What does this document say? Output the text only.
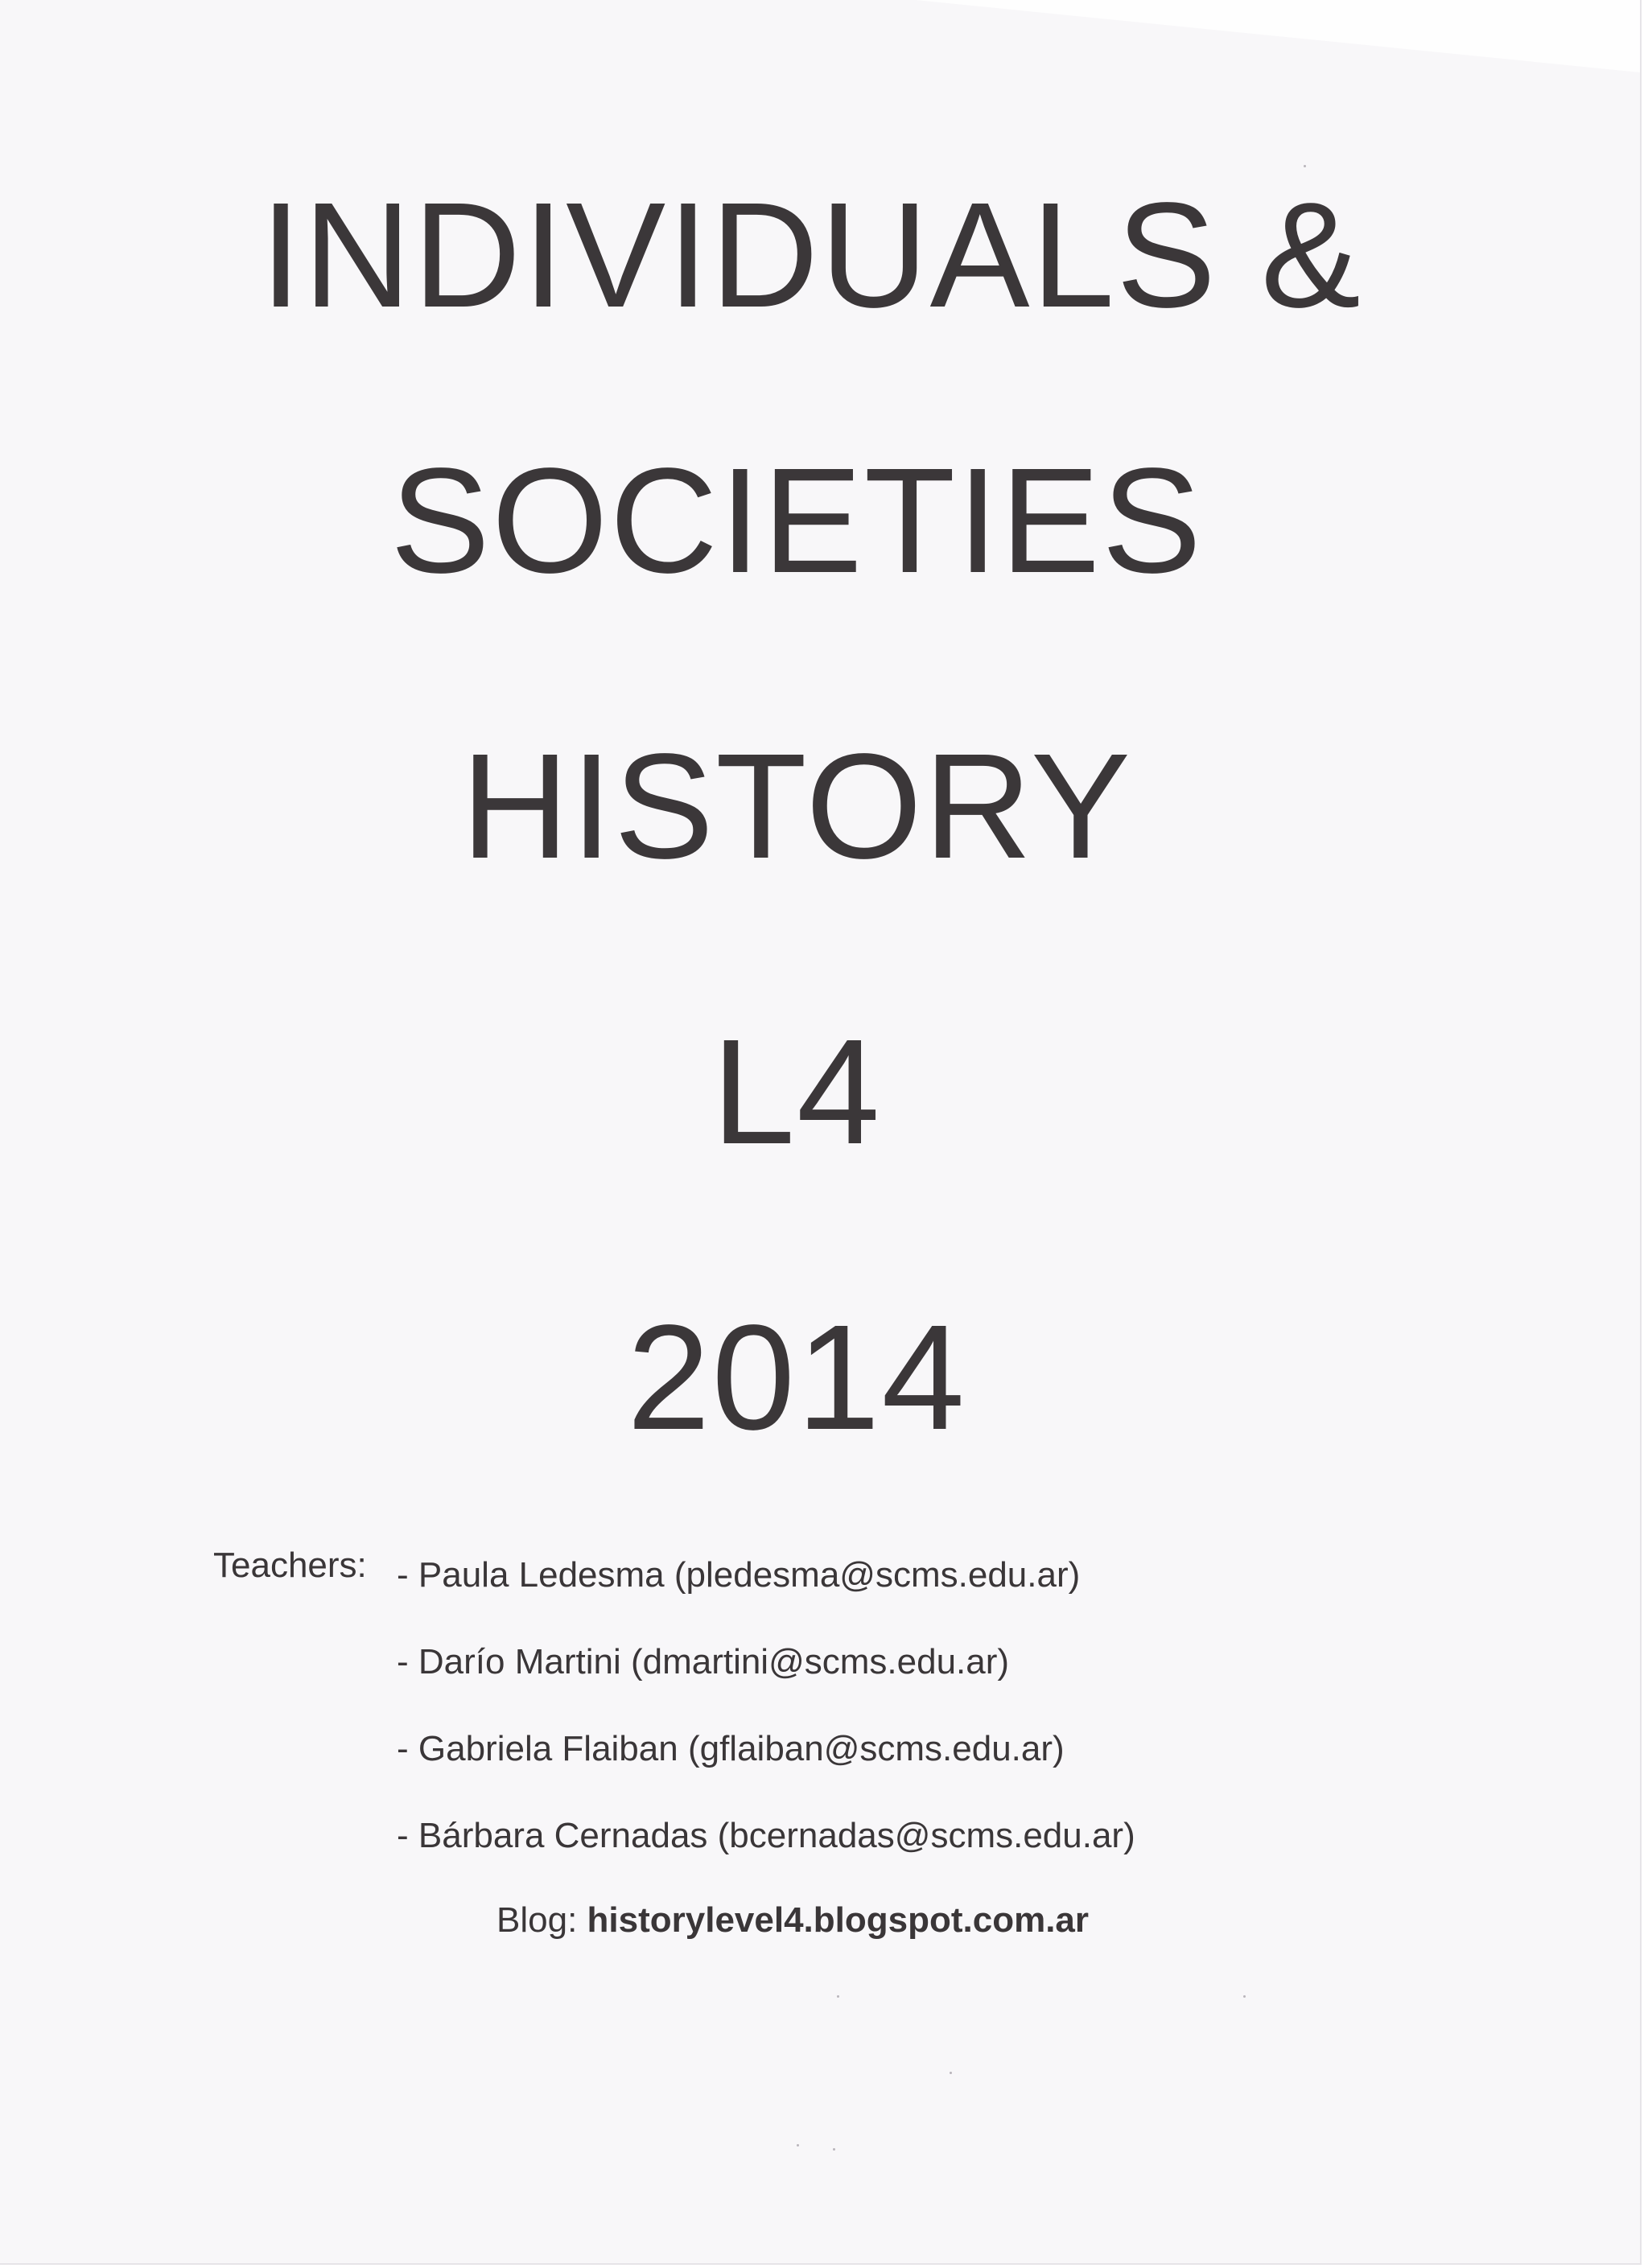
INDIVIDUALS &
SOCIETIES
HISTORY
L4
2014
Teachers: - Paula Ledesma (pledesma@scms.edu.ar)
- Darío Martini (dmartini@scms.edu.ar)
- Gabriela Flaiban (gflaiban@scms.edu.ar)
- Bárbara Cernadas (bcernadas@scms.edu.ar)
Blog: historylevel4.blogspot.com.ar
